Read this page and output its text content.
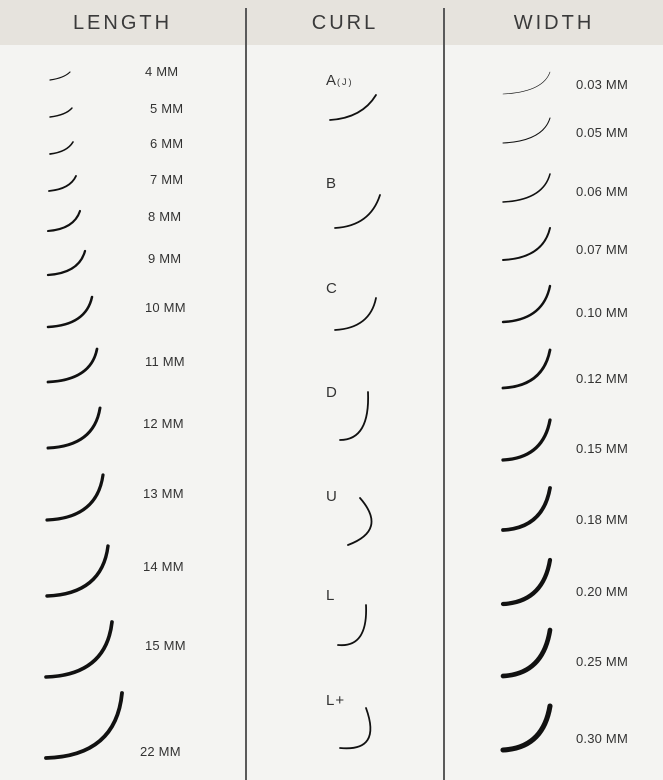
LENGTH	CURL	WIDTH
4 MM
5 MM
6 MM
7 MM
8 MM
9 MM
10 MM
11 MM
12 MM
13 MM
14 MM
15 MM
22 MM
A(J)
B
C
D
U
L
L+
0.03 MM
0.05 MM
0.06 MM
0.07 MM
0.10 MM
0.12 MM
0.15 MM
0.18 MM
0.20 MM
0.25 MM
0.30 MM
